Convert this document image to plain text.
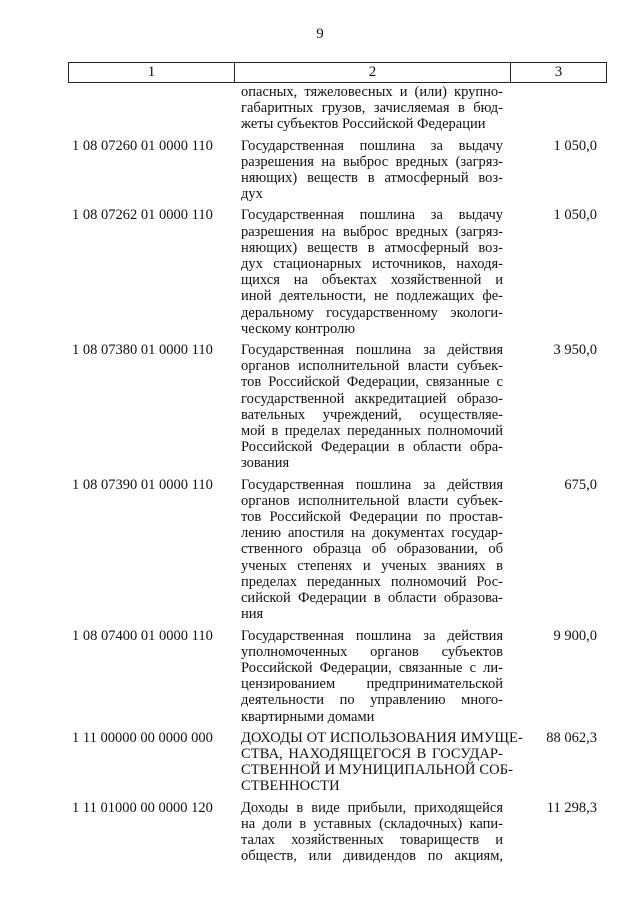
9
1	2	3
опасных, тяжеловесных и (или) крупно-
габаритных грузов, зачисляемая в бюд-
жеты субъектов Российской Федерации
1 08 07260 01 0000 110	Государственная пошлина за выдачу
разрешения на выброс вредных (загряз-
няющих) веществ в атмосферный воз-
дух
1 050,0
1 08 07262 01 0000 110	Государственная пошлина за выдачу
разрешения на выброс вредных (загряз-
няющих) веществ в атмосферный воз-
дух стационарных источников, находя-
щихся на объектах хозяйственной и
иной деятельности, не подлежащих фе-
деральному государственному экологи-
ческому контролю
1 050,0
1 08 07380 01 0000 110	Государственная пошлина за действия
органов исполнительной власти субъек-
тов Российской Федерации, связанные с
государственной аккредитацией образо-
вательных учреждений, осуществляе-
мой в пределах переданных полномочий
Российской Федерации в области обра-
зования
3 950,0
1 08 07390 01 0000 110	Государственная пошлина за действия
органов исполнительной власти субъек-
тов Российской Федерации по простав-
лению апостиля на документах государ-
ственного образца об образовании, об
ученых степенях и ученых званиях в
пределах переданных полномочий Рос-
сийской Федерации в области образова-
ния
675,0
1 08 07400 01 0000 110	Государственная пошлина за действия
уполномоченных органов субъектов
Российской Федерации, связанные с ли-
цензированием предпринимательской
деятельности по управлению много-
квартирными домами
9 900,0
1 11 00000 00 0000 000	ДОХОДЫ ОТ ИСПОЛЬЗОВАНИЯ ИМУЩЕ-
СТВА, НАХОДЯЩЕГОСЯ В ГОСУДАР-
СТВЕННОЙ И МУНИЦИПАЛЬНОЙ СОБ-
СТВЕННОСТИ
88 062,3
1 11 01000 00 0000 120	Доходы в виде прибыли, приходящейся
на доли в уставных (складочных) капи-
талах хозяйственных товариществ и
обществ, или дивидендов по акциям,
11 298,3
